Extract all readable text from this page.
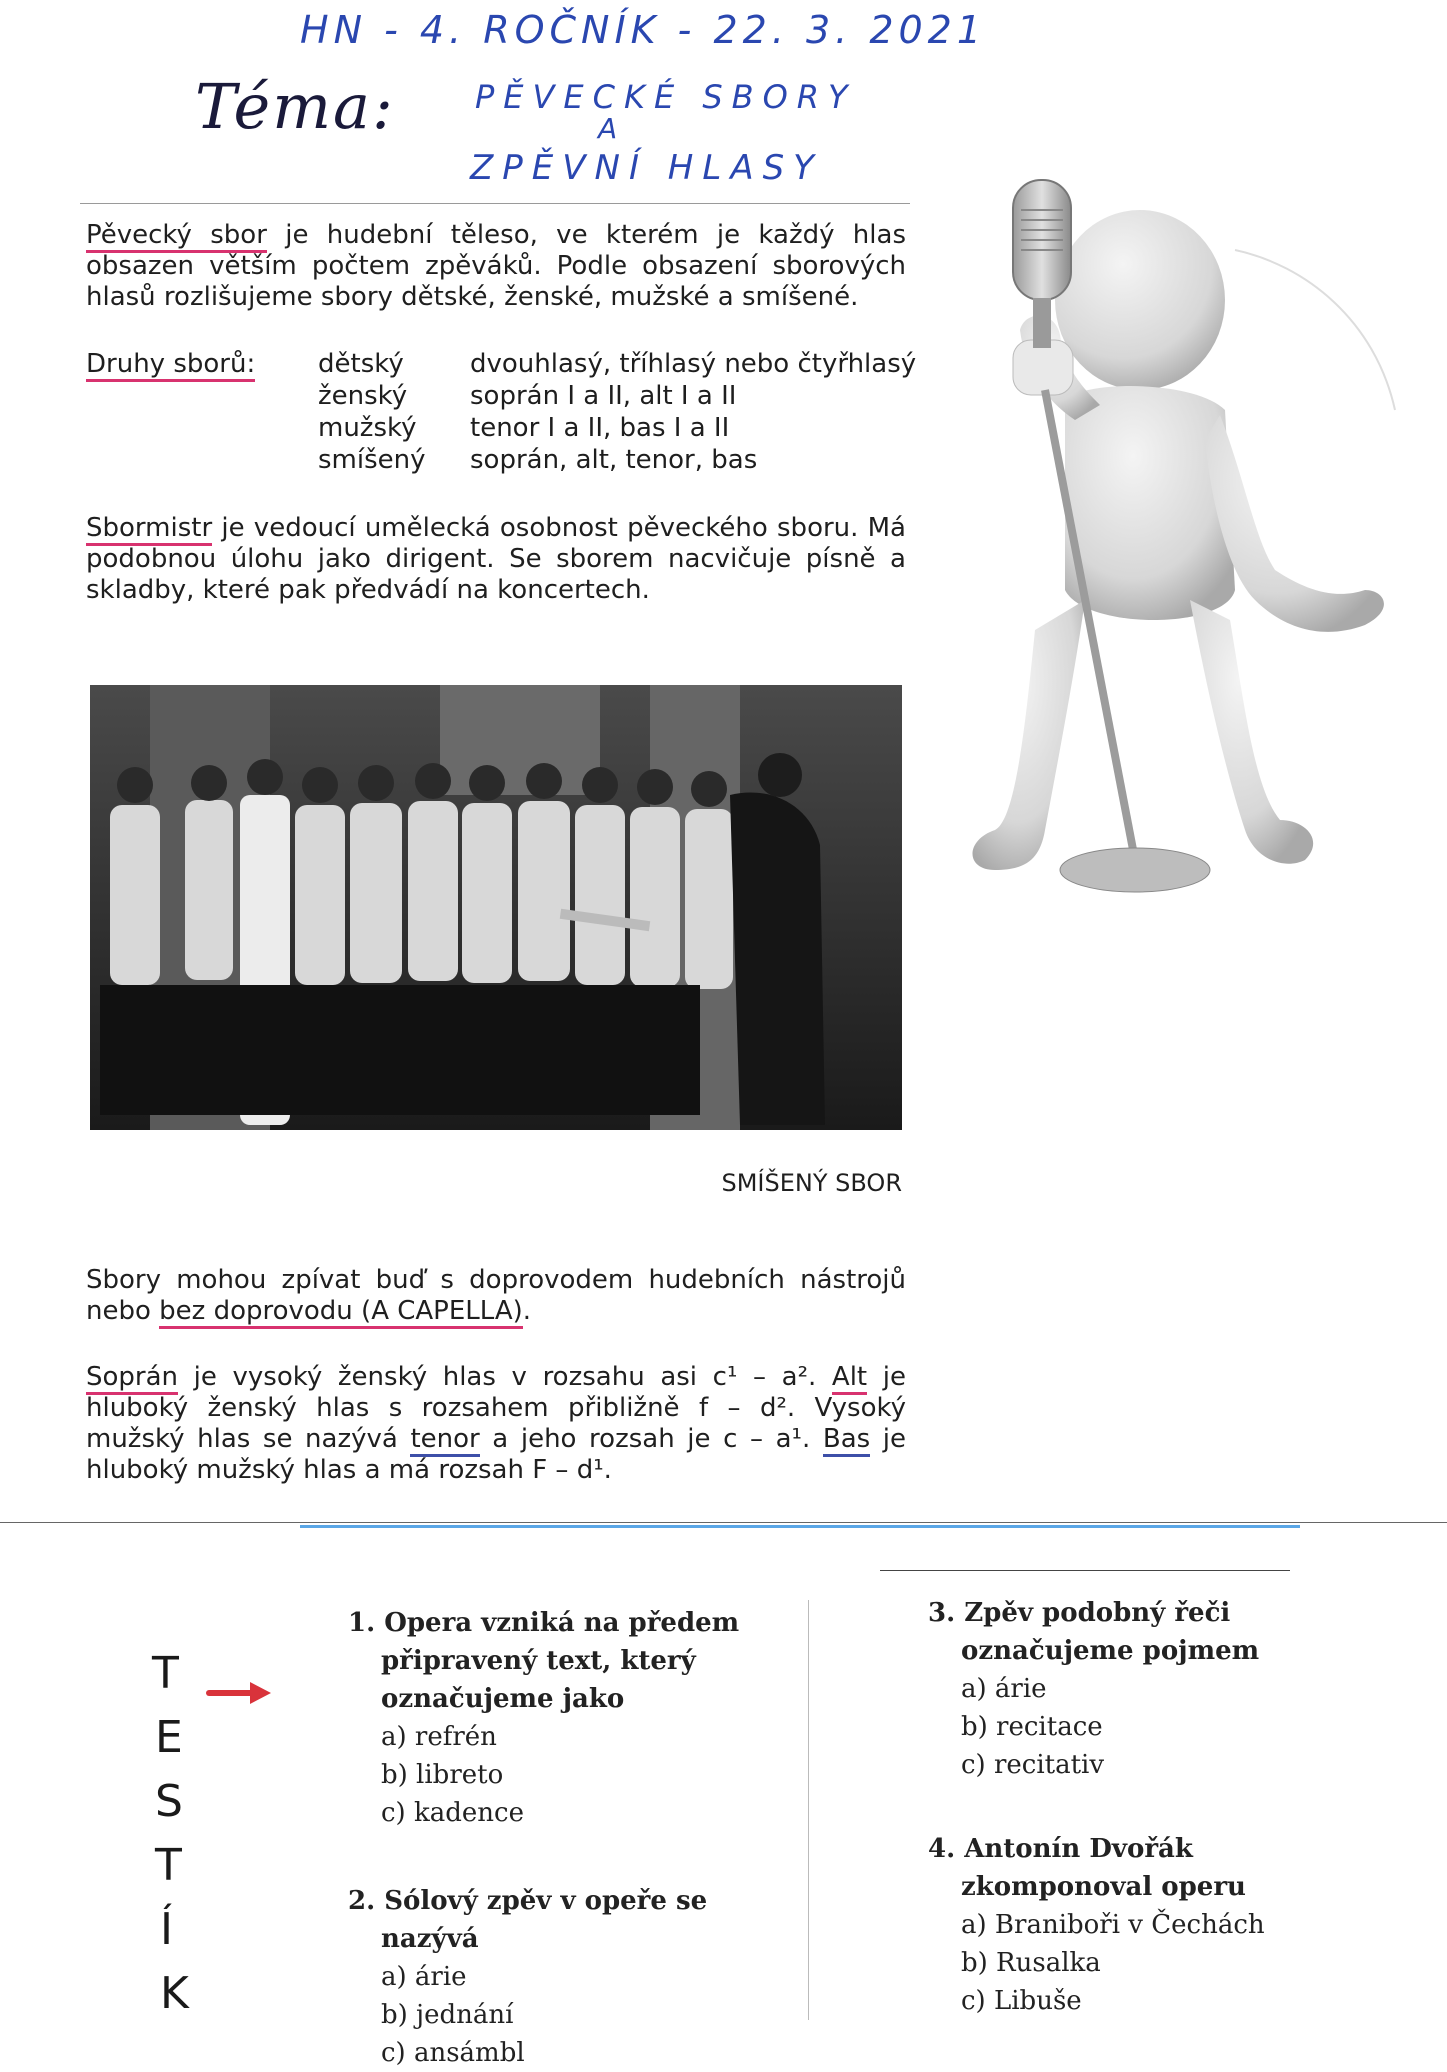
HN - 4. ROČNÍK - 22. 3. 2021
Téma:	PĚVECKÉ SBORY
A
ZPĚVNÍ HLASY
Pěvecký sbor je hudební těleso, ve kterém je každý hlas obsazen větším počtem zpěváků. Podle obsazení sborových hlasů rozlišujeme sbory dětské, ženské, mužské a smíšené.
Druhy sborů: dětský
ženský
mužský
smíšený
dvouhlasý, tříhlasý nebo čtyřhlasý
soprán I a II, alt I a II
tenor I a II, bas I a II
soprán, alt, tenor, bas
Sbormistr je vedoucí umělecká osobnost pěveckého sboru. Má podobnou úlohu jako dirigent. Se sborem nacvičuje písně a skladby, které pak předvádí na koncertech.
SMÍŠENÝ SBOR
Sbory mohou zpívat buď s doprovodem hudebních nástrojů nebo bez doprovodu (A CAPELLA).
Soprán je vysoký ženský hlas v rozsahu asi c¹ – a². Alt je hluboký ženský hlas s rozsahem přibližně f – d². Vysoký mužský hlas se nazývá tenor a jeho rozsah je c – a¹. Bas je hluboký mužský hlas a má rozsah F – d¹.
T
E
S
T
Í
K
1. Opera vzniká na předem připravený text, který označujeme jako
a) refrén
b) libreto
c) kadence
2. Sólový zpěv v opeře se nazývá
a) árie
b) jednání
c) ansámbl
3. Zpěv podobný řeči označujeme pojmem
a) árie
b) recitace
c) recitativ
4. Antonín Dvořák zkomponoval operu
a) Braniboři v Čechách
b) Rusalka
c) Libuše
